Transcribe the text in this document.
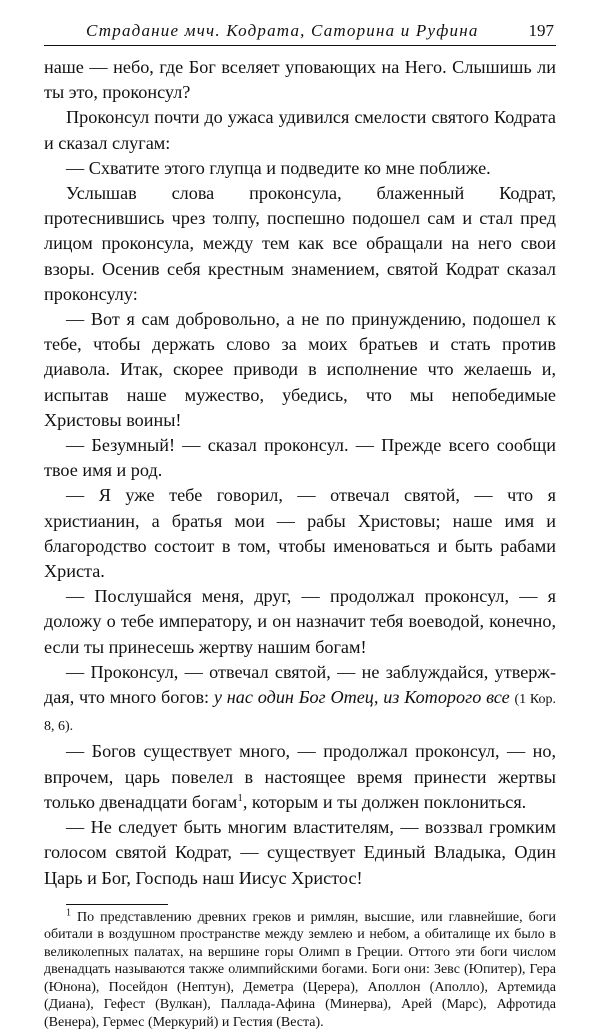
Страдание мчч. Кодрата, Саторина и Руфина	197

наше — небо, где Бог вселяет уповающих на Него. Слышишь ли ты это, проконсул?

Проконсул почти до ужаса удивился смелости святого Кодрата и сказал слугам:

— Схватите этого глупца и подведите ко мне поближе.

Услышав слова проконсула, блаженный Кодрат, протеснившись чрез толпу, поспешно подошел сам и стал пред лицом проконсула, между тем как все обращали на него свои взоры. Осенив себя крестным знамением, святой Кодрат сказал проконсулу:

— Вот я сам добровольно, а не по принуждению, подошел к тебе, чтобы держать слово за моих братьев и стать против диавола. Итак, скорее приводи в исполнение что желаешь и, испытав наше мужество, убедись, что мы непобедимые Христовы воины!

— Безумный! — сказал проконсул. — Прежде всего сообщи твое имя и род.

— Я уже тебе говорил, — отвечал святой, — что я христианин, а братья мои — рабы Христовы; наше имя и благородство состоит в том, чтобы именоваться и быть рабами Христа.

— Послушайся меня, друг, — продолжал проконсул, — я доложу о тебе императору, и он назначит тебя воеводой, конечно, если ты принесешь жертву нашим богам!

— Проконсул, — отвечал святой, — не заблуждайся, утверждая, что много богов: у нас один Бог Отец, из Которого все (1 Кор. 8, 6).

— Богов существует много, — продолжал проконсул, — но, впрочем, царь повелел в настоящее время принести жертвы только двенадцати богам$^1$, которым и ты должен поклониться.

— Не следует быть многим властителям, — воззвал громким голосом святой Кодрат, — существует Единый Владыка, Один Царь и Бог, Господь наш Иисус Христос!

$^1$ По представлению древних греков и римлян, высшие, или главнейшие, боги обитали в воздушном пространстве между землею и небом, а обиталище их было в великолепных палатах, на вершине горы Олимп в Греции. Оттого эти боги числом двенадцать называются также олимпийскими богами. Боги они: Зевс (Юпитер), Гера (Юнона), Посейдон (Нептун), Деметра (Церера), Аполлон (Аполло), Артемида (Диана), Гефест (Вулкан), Паллада-Афина (Минерва), Арей (Марс), Афротида (Венера), Гермес (Меркурий) и Гестия (Веста).
